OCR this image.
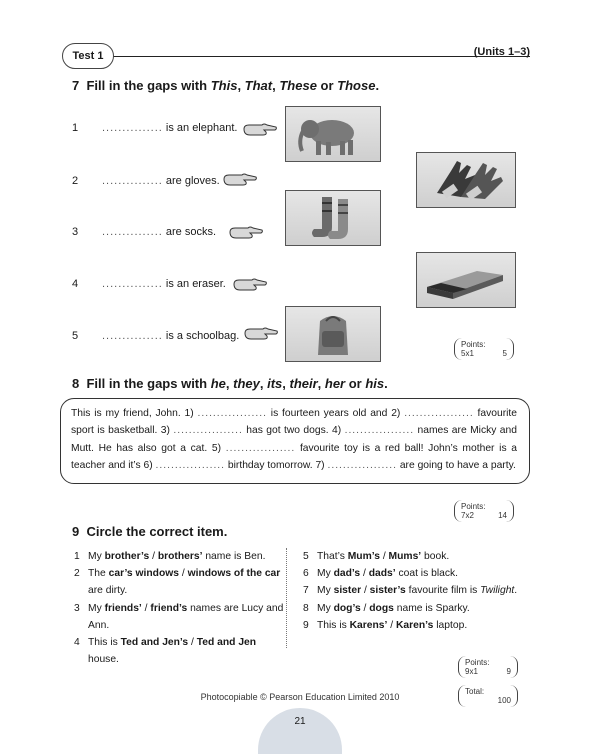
Test 1	(Units 1–3)
7 Fill in the gaps with This, That, These or Those.
1 ............... is an elephant.
2 ............... are gloves.
3 ............... are socks.
4 ............... is an eraser.
5 ............... is a schoolbag.
Points:
5x1	5
8 Fill in the gaps with he, they, its, their, her or his.
This is my friend, John. 1) .................. is fourteen years old and 2) .................. favourite sport is basketball. 3) .................. has got two dogs. 4) .................. names are Micky and Mutt. He has also got a cat. 5) .................. favourite toy is a red ball! John’s mother is a teacher and it’s 6) .................. birthday tomorrow. 7) .................. are going to have a party.
Points:
7x2	14
9 Circle the correct item.
1 My brother’s / brothers’ name is Ben.
2 The car’s windows / windows of the car are dirty.
3 My friends’ / friend’s names are Lucy and Ann.
4 This is Ted and Jen’s / Ted and Jen house.
5 That’s Mum’s / Mums’ book.
6 My dad’s / dads’ coat is black.
7 My sister / sister’s favourite film is Twilight.
8 My dog’s / dogs name is Sparky.
9 This is Karens’ / Karen’s laptop.
Points:
9x1	9
Total:
100
Photocopiable © Pearson Education Limited 2010
21
